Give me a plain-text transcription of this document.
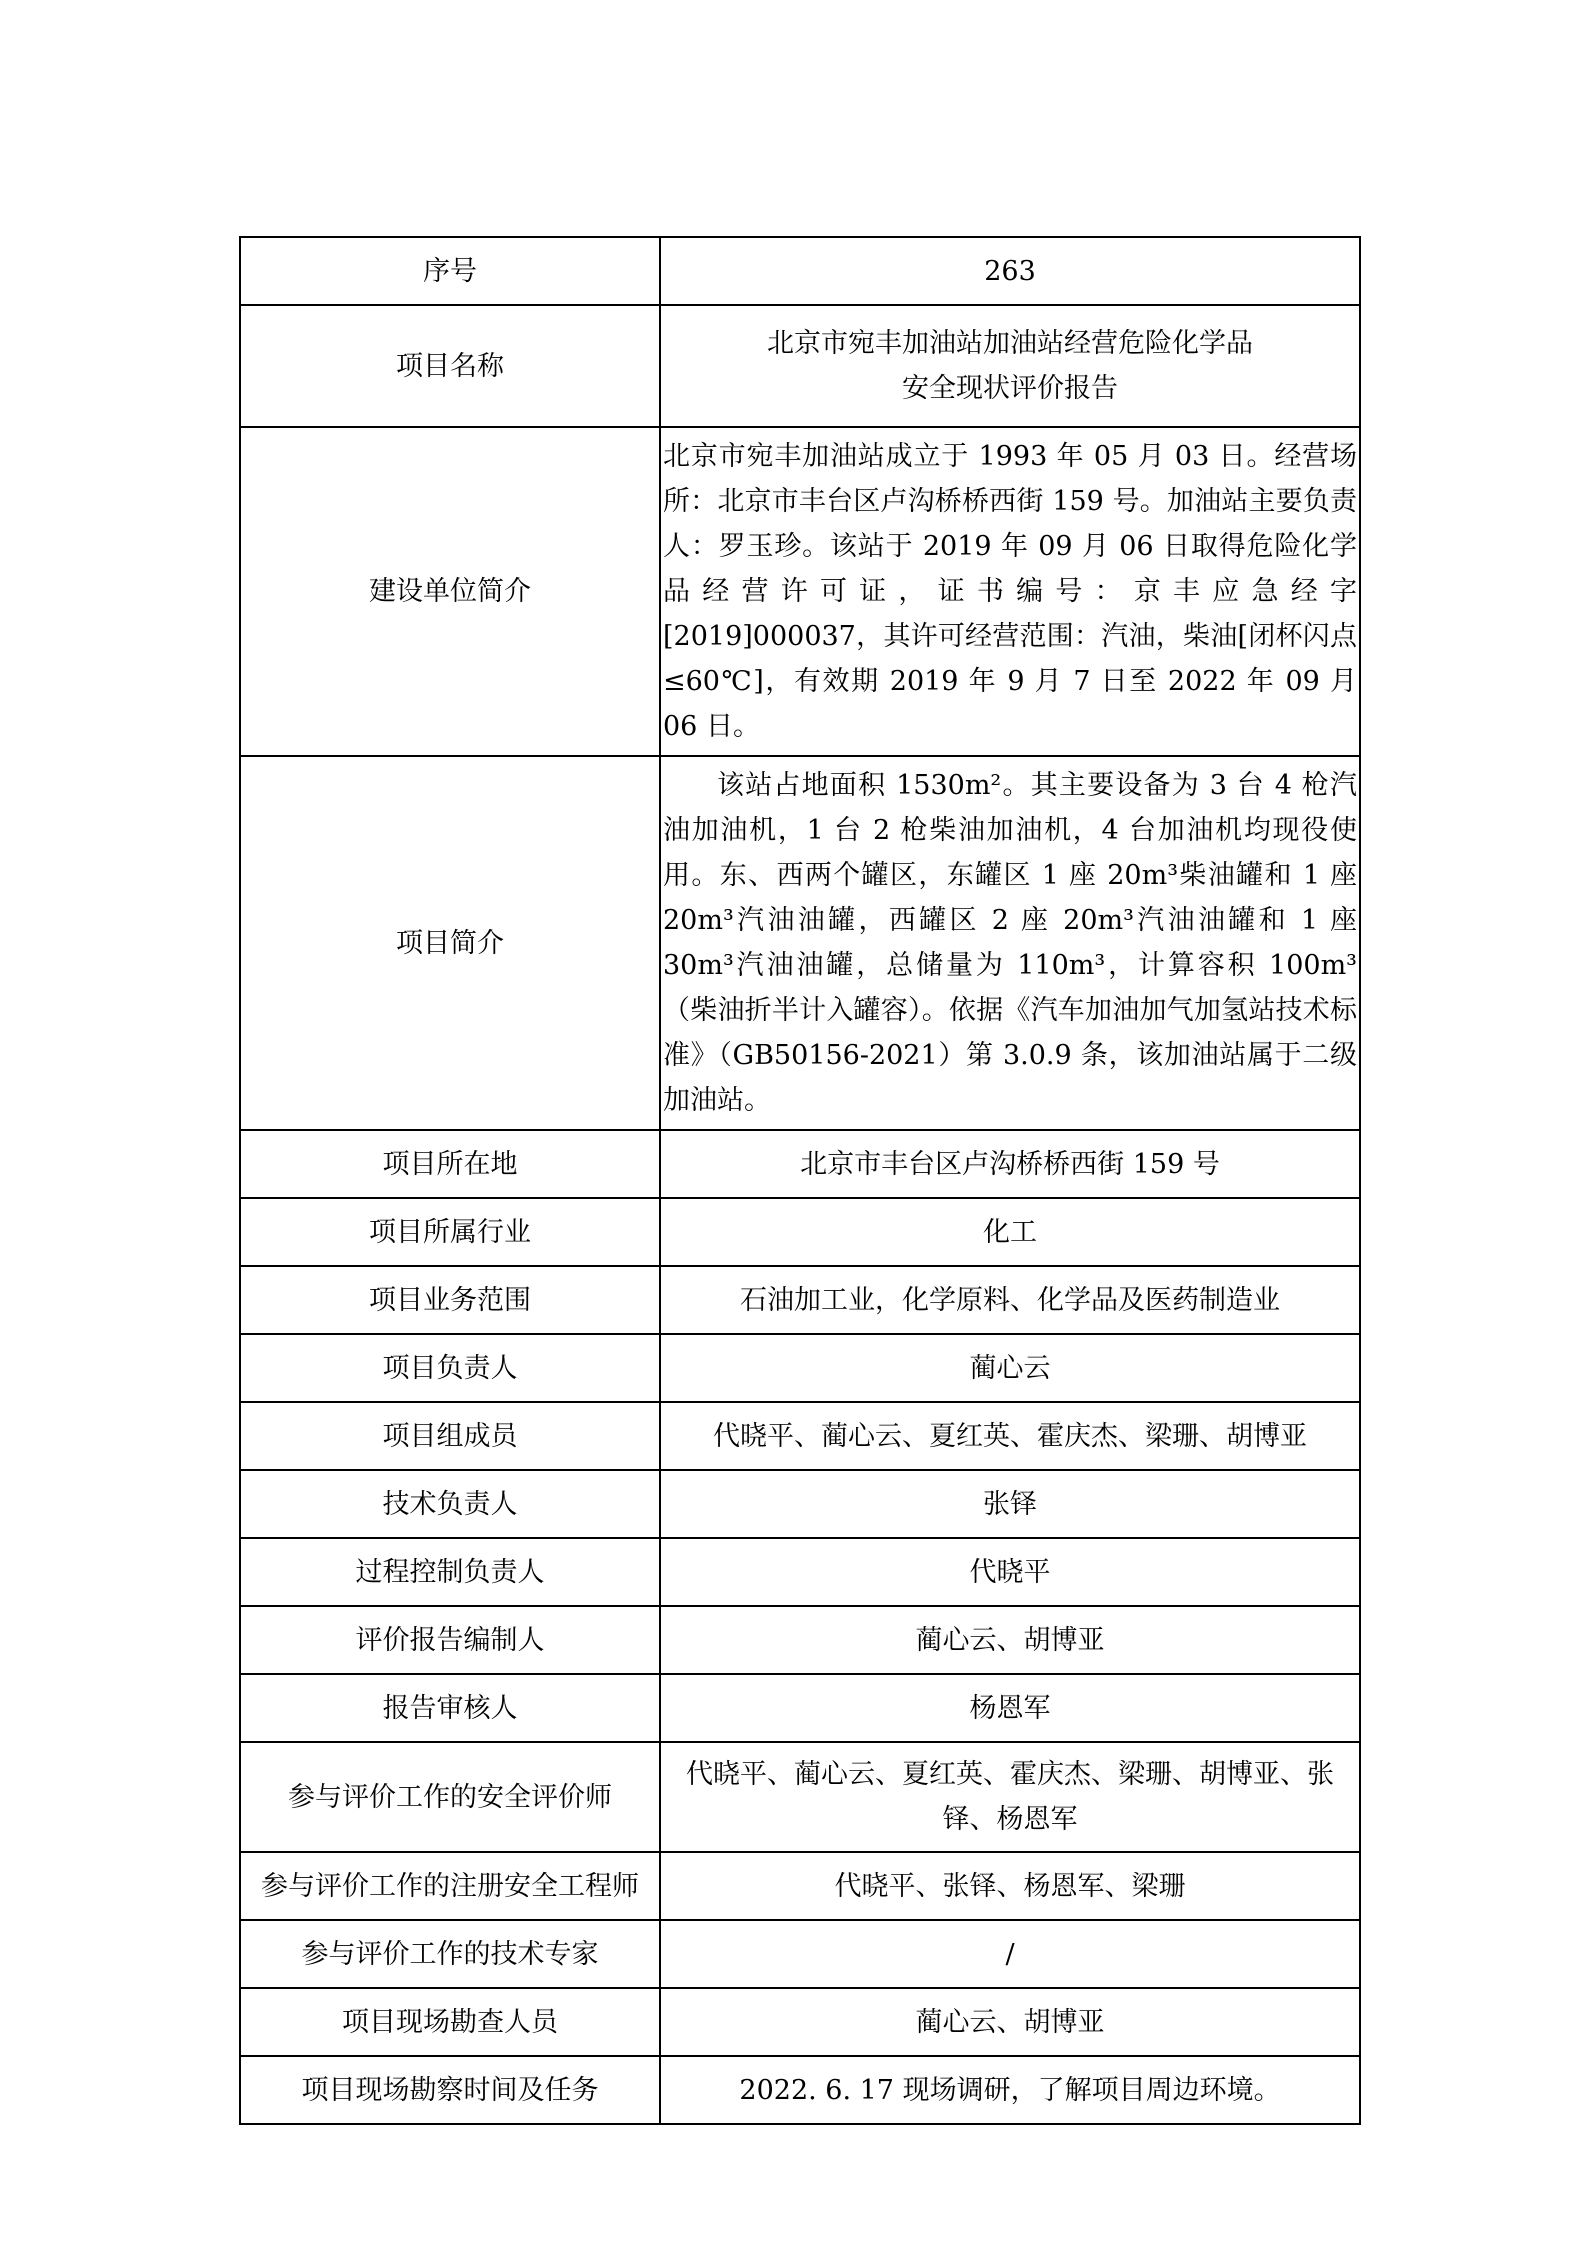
序号	263
项目名称	北京市宛丰加油站加油站经营危险化学品
安全现状评价报告

建设单位简介	北京市宛丰加油站成立于 1993 年 05 月 03 日。经营场所：北京市丰台区卢沟桥桥西街 159 号。加油站主要负责人：罗玉珍。该站于 2019 年 09 月 06 日取得危险化学品经营许可证，证书编号：京丰应急经字[2019]000037，其许可经营范围：汽油，柴油[闭杯闪点≤60℃]，有效期 2019 年 9 月 7 日至 2022 年 09 月 06 日。
项目简介	该站占地面积 1530m²。其主要设备为 3 台 4 枪汽油加油机，1 台 2 枪柴油加油机，4 台加油机均现役使用。东、西两个罐区，东罐区 1 座 20m³柴油罐和 1 座 20m³汽油油罐，西罐区 2 座 20m³汽油油罐和 1 座 30m³汽油油罐，总储量为 110m³，计算容积 100m³（柴油折半计入罐容）。依据《汽车加油加气加氢站技术标准》（GB50156-2021）第 3.0.9 条，该加油站属于二级加油站。
项目所在地	北京市丰台区卢沟桥桥西街 159 号
项目所属行业	化工
项目业务范围	石油加工业，化学原料、化学品及医药制造业
项目负责人	蔺心云
项目组成员	代晓平、蔺心云、夏红英、霍庆杰、梁珊、胡博亚
技术负责人	张铎
过程控制负责人	代晓平
评价报告编制人	蔺心云、胡博亚
报告审核人	杨恩军
参与评价工作的安全评价师	代晓平、蔺心云、夏红英、霍庆杰、梁珊、胡博亚、张铎、杨恩军
参与评价工作的注册安全工程师	代晓平、张铎、杨恩军、梁珊
参与评价工作的技术专家	/
项目现场勘查人员	蔺心云、胡博亚
项目现场勘察时间及任务	2022. 6. 17 现场调研，了解项目周边环境。
